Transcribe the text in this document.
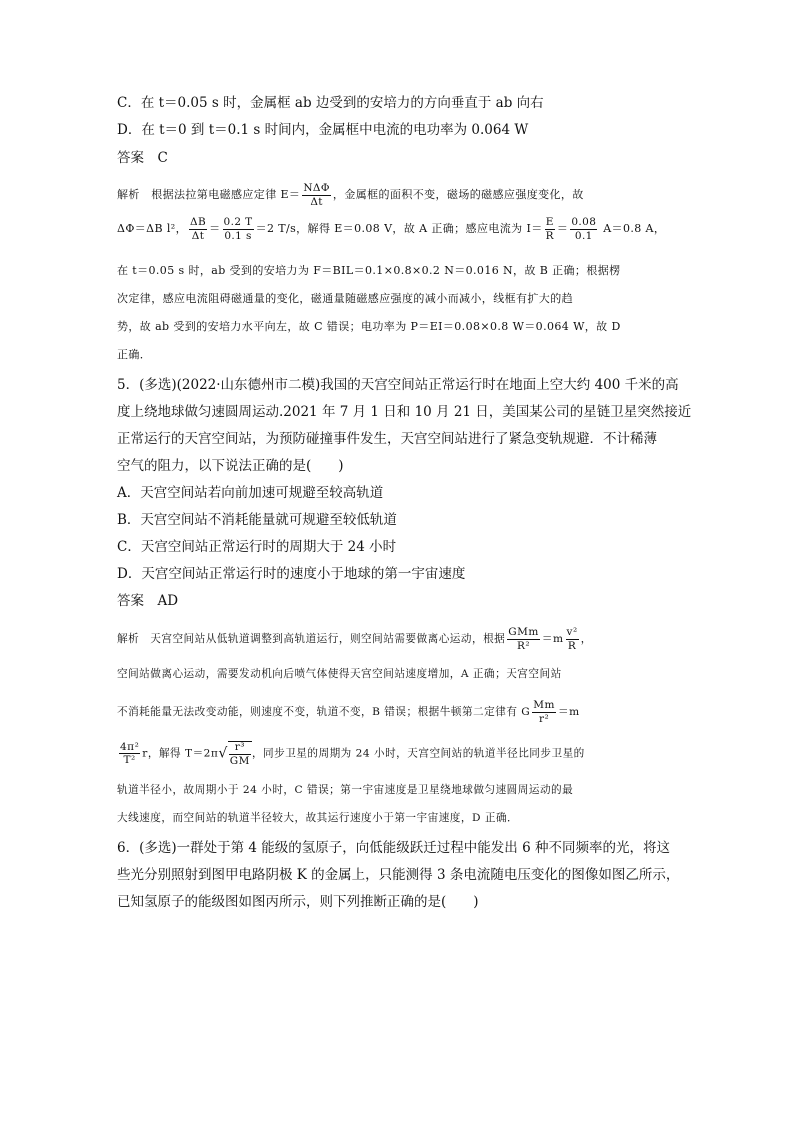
C．在 t＝0.05 s 时，金属框 ab 边受到的安培力的方向垂直于 ab 向右
D．在 t＝0 到 t＝0.1 s 时间内，金属框中电流的电功率为 0.064 W
答案　C
解析　根据法拉第电磁感应定律 $E= \frac{\text{NΔΦ}}{\Delta t}$ ，金属框的面积不变，磁场的磁感应强度变化，故
ΔΦ＝ΔB l²， $\frac{\Delta B}{\Delta t} = \frac{0.2 T}{0.1 s} =2$ T/s，解得 E＝0.08 V，故 A 正确；感应电流为 $I= \frac{E}{R} = \frac{0.08}{0.1} A=0.8$ A，
在 t＝0.05 s 时，ab 受到的安培力为 F＝BIL＝0.1×0.8×0.2 N＝0.016 N，故 B 正确；根据楞
次定律，感应电流阻碍磁通量的变化，磁通量随磁感应强度的减小而减小，线框有扩大的趋
势，故 ab 受到的安培力水平向左，故 C 错误；电功率为 P＝EI＝0.08×0.8 W＝0.064 W，故 D
正确．
5．(多选)(2022·山东德州市二模)我国的天宫空间站正常运行时在地面上空大约 400 千米的高
度上绕地球做匀速圆周运动.2021 年 7 月 1 日和 10 月 21 日，美国某公司的星链卫星突然接近
正常运行的天宫空间站，为预防碰撞事件发生，天宫空间站进行了紧急变轨规避．不计稀薄
空气的阻力，以下说法正确的是(　　)
A．天宫空间站若向前加速可规避至较高轨道
B．天宫空间站不消耗能量就可规避至较低轨道
C．天宫空间站正常运行时的周期大于 24 小时
D．天宫空间站正常运行时的速度小于地球的第一宇宙速度
答案　AD
解析　天宫空间站从低轨道调整到高轨道运行，则空间站需要做离心运动，根据 $\frac{\text{GMm}}{\text{R²}} =m \frac{\text{v²}}{R}$ ，
空间站做离心运动，需要发动机向后喷气体使得天宫空间站速度增加，A 正确；天宫空间站
不消耗能量无法改变动能，则速度不变，轨道不变，B 错误；根据牛顿第二定律有 G $\frac{Mm}{\text{r²}} =m$
$\frac{\text{4π²}}{\text{T²}}$ r，解得 $T=2\pi√ \frac{\text{r³}}{GM}$ ，同步卫星的周期为 24 小时，天宫空间站的轨道半径比同步卫星的
轨道半径小，故周期小于 24 小时，C 错误；第一宇宙速度是卫星绕地球做匀速圆周运动的最
大线速度，而空间站的轨道半径较大，故其运行速度小于第一宇宙速度，D 正确．
6．(多选)一群处于第 4 能级的氢原子，向低能级跃迁过程中能发出 6 种不同频率的光，将这
些光分别照射到图甲电路阴极 K 的金属上，只能测得 3 条电流随电压变化的图像如图乙所示，
已知氢原子的能级图如图丙所示，则下列推断正确的是(　　)
